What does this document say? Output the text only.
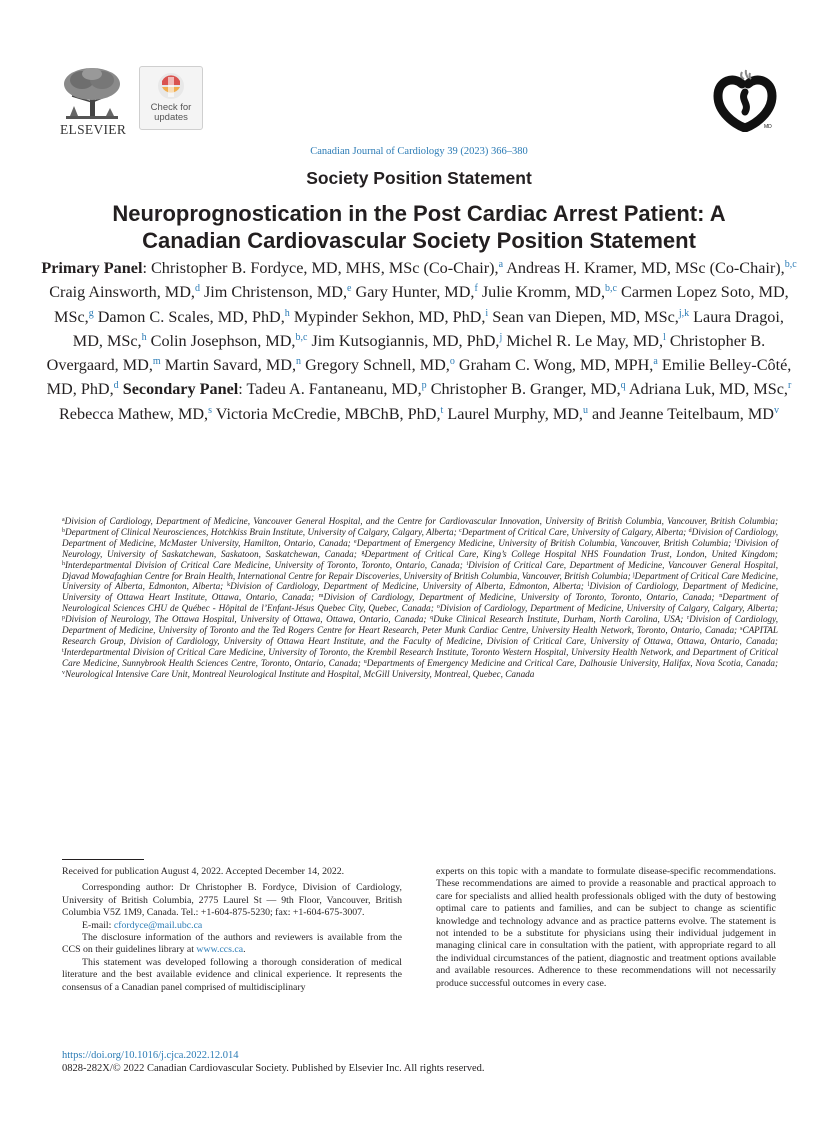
ELSEVIER
Check for updates
MD
Canadian Journal of Cardiology 39 (2023) 366–380
Society Position Statement
Neuroprognostication in the Post Cardiac Arrest Patient: A
Canadian Cardiovascular Society Position Statement
Primary Panel: Christopher B. Fordyce, MD, MHS, MSc (Co-Chair),$^a$ Andreas H. Kramer, MD, MSc (Co-Chair),$^{b,c}$ Craig Ainsworth, MD,$^d$ Jim Christenson, MD,$^e$ Gary Hunter, MD,$^f$ Julie Kromm, MD,$^{b,c}$ Carmen Lopez Soto, MD, MSc,$^g$ Damon C. Scales, MD, PhD,$^h$ Mypinder Sekhon, MD, PhD,$^i$ Sean van Diepen, MD, MSc,$^{j,k}$ Laura Dragoi, MD, MSc,$^h$ Colin Josephson, MD,$^{b,c}$ Jim Kutsogiannis, MD, PhD,$^j$ Michel R. Le May, MD,$^l$ Christopher B. Overgaard, MD,$^m$ Martin Savard, MD,$^n$ Gregory Schnell, MD,$^o$ Graham C. Wong, MD, MPH,$^a$ Emilie Belley-Côté, MD, PhD,$^d$ Secondary Panel: Tadeu A. Fantaneanu, MD,$^p$ Christopher B. Granger, MD,$^q$ Adriana Luk, MD, MSc,$^r$ Rebecca Mathew, MD,$^s$ Victoria McCredie, MBChB, PhD,$^t$ Laurel Murphy, MD,$^u$ and Jeanne Teitelbaum, $MD^v$
$^a$Division of Cardiology, Department of Medicine, Vancouver General Hospital, and the Centre for Cardiovascular Innovation, University of British Columbia, Vancouver, British Columbia; $^b$Department of Clinical Neurosciences, Hotchkiss Brain Institute, University of Calgary, Calgary, Alberta; $^c$Department of Critical Care, University of Calgary, Alberta; $^d$Division of Cardiology, Department of Medicine, McMaster University, Hamilton, Ontario, Canada; $^e$Department of Emergency Medicine, University of British Columbia, Vancouver, British Columbia; $^f$Division of Neurology, University of Saskatchewan, Saskatoon, Saskatchewan, Canada; $^g$Department of Critical Care, King’s College Hospital NHS Foundation Trust, London, United Kingdom; $^h$Interdepartmental Division of Critical Care Medicine, University of Toronto, Toronto, Ontario, Canada; $^i$Division of Critical Care, Department of Medicine, Vancouver General Hospital, Djavad Mowafaghian Centre for Brain Health, International Centre for Repair Discoveries, University of British Columbia, Vancouver, British Columbia; $^j$Department of Critical Care Medicine, University of Alberta, Edmonton, Alberta; $^k$Division of Cardiology, Department of Medicine, University of Alberta, Edmonton, Alberta; $^l$Division of Cardiology, Department of Medicine, University of Ottawa Heart Institute, Ottawa, Ontario, Canada; $^m$Division of Cardiology, Department of Medicine, University of Toronto, Toronto, Ontario, Canada; $^n$Department of Neurological Sciences CHU de Québec - Hôpital de l’Enfant-Jésus Quebec City, Quebec, Canada; $^o$Division of Cardiology, Department of Medicine, University of Calgary, Calgary, Alberta; $^p$Division of Neurology, The Ottawa Hospital, University of Ottawa, Ottawa, Ontario, Canada; $^q$Duke Clinical Research Institute, Durham, North Carolina, USA; $^r$Division of Cardiology, Department of Medicine, University of Toronto and the Ted Rogers Centre for Heart Research, Peter Munk Cardiac Centre, University Health Network, Toronto, Ontario, Canada; $^s$CAPITAL Research Group, Division of Cardiology, University of Ottawa Heart Institute, and the Faculty of Medicine, Division of Critical Care, University of Ottawa, Ottawa, Ontario, Canada; $^t$Interdepartmental Division of Critical Care Medicine, University of Toronto, the Krembil Research Institute, Toronto Western Hospital, University Health Network, and Department of Critical Care Medicine, Sunnybrook Health Sciences Centre, Toronto, Ontario, Canada; $^u$Departments of Emergency Medicine and Critical Care, Dalhousie University, Halifax, Nova Scotia, Canada; $^v$Neurological Intensive Care Unit, Montreal Neurological Institute and Hospital, McGill University, Montreal, Quebec, Canada

Received for publication August 4, 2022. Accepted December 14, 2022.

Corresponding author: Dr Christopher B. Fordyce, Division of Cardiology, University of British Columbia, 2775 Laurel St — 9th Floor, Vancouver, British Columbia V5Z 1M9, Canada. Tel.: +1-604-875-5230; fax: +1-604-675-3007.

E-mail: cfordyce@mail.ubc.ca

The disclosure information of the authors and reviewers is available from the CCS on their guidelines library at www.ccs.ca.

This statement was developed following a thorough consideration of medical literature and the best available evidence and clinical experience. It represents the consensus of a Canadian panel comprised of multidisciplinary

experts on this topic with a mandate to formulate disease-specific recommendations. These recommendations are aimed to provide a reasonable and practical approach to care for specialists and allied health professionals obliged with the duty of bestowing optimal care to patients and families, and can be subject to change as scientific knowledge and technology advance and as practice patterns evolve. The statement is not intended to be a substitute for physicians using their individual judgement in managing clinical care in consultation with the patient, with appropriate regard to all the individual circumstances of the patient, diagnostic and treatment options available and available resources. Adherence to these recommendations will not necessarily produce successful outcomes in every case.

https://doi.org/10.1016/j.cjca.2022.12.014
0828-282X/© 2022 Canadian Cardiovascular Society. Published by Elsevier Inc. All rights reserved.
